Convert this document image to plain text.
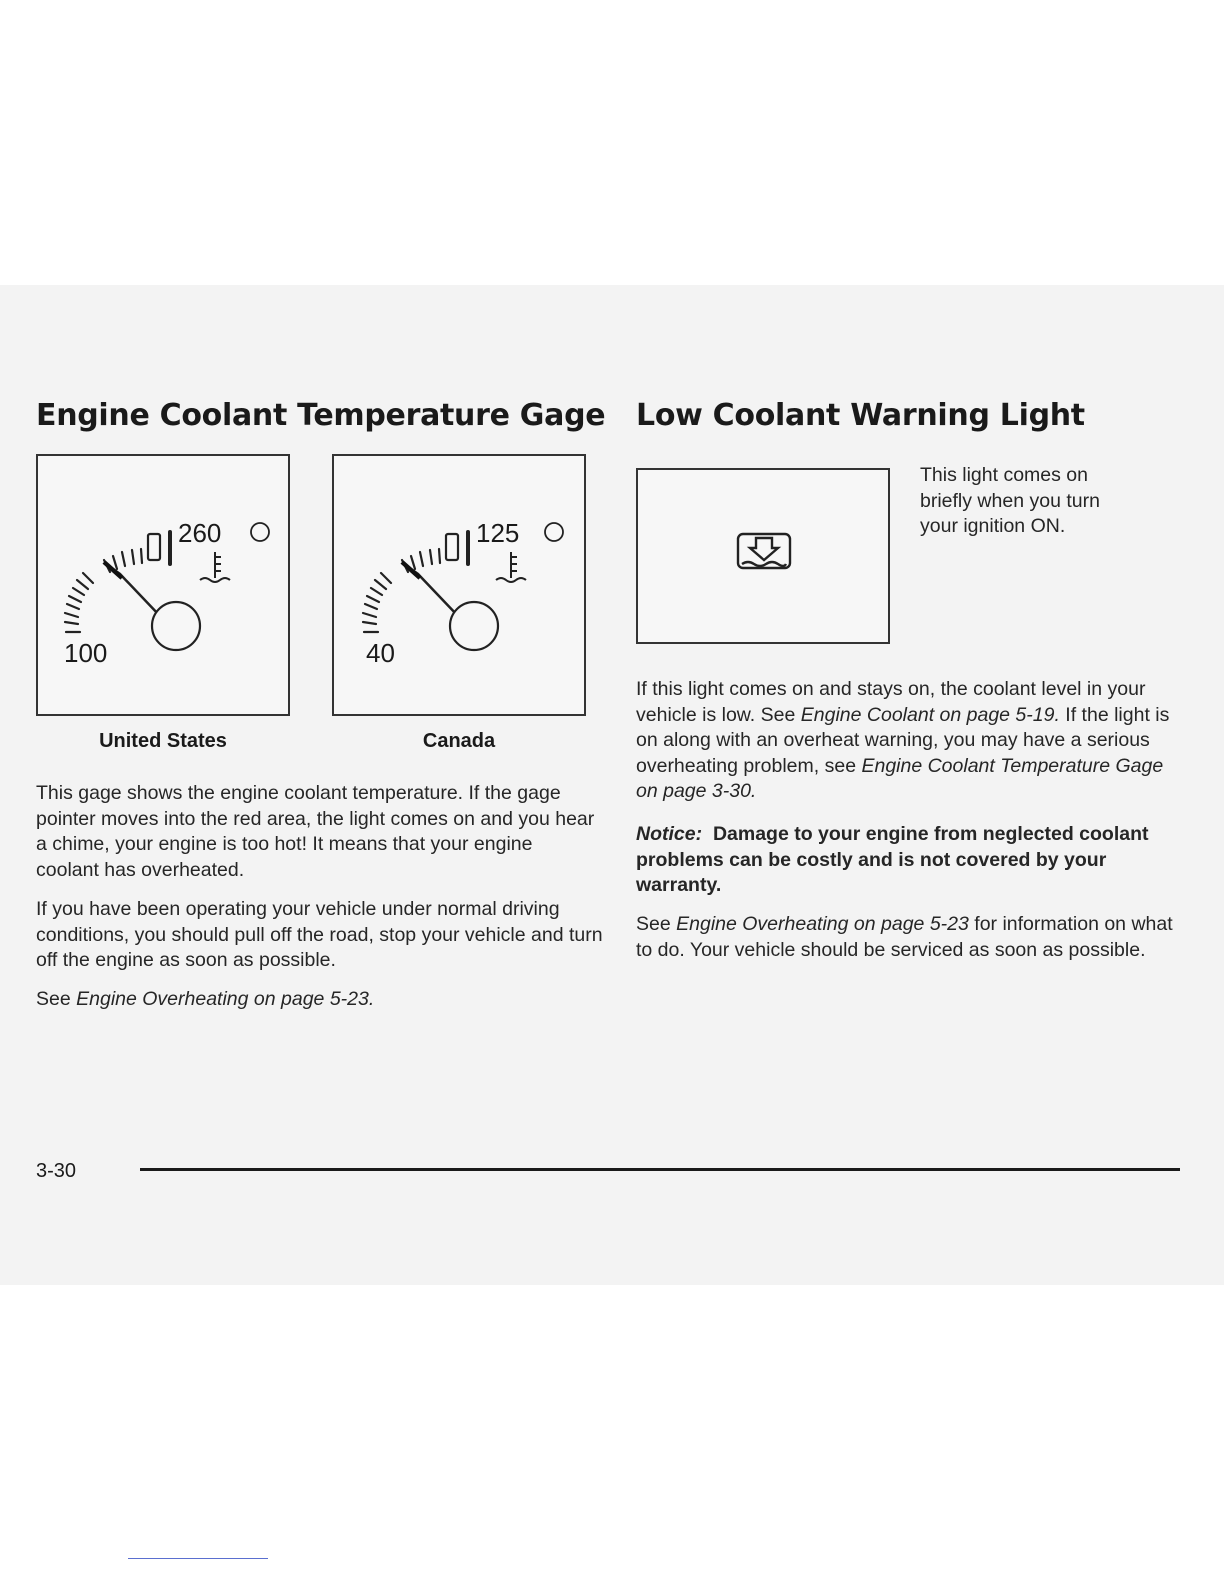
Engine Coolant Temperature Gage
100
260
United States
40
125
Canada

This gage shows the engine coolant temperature. If the gage pointer moves into the red area, the light comes on and you hear a chime, your engine is too hot! It means that your engine coolant has overheated.

If you have been operating your vehicle under normal driving conditions, you should pull off the road, stop your vehicle and turn off the engine as soon as possible.

See Engine Overheating on page 5-23.

Low Coolant Warning Light

This light comes on briefly when you turn your ignition ON.

If this light comes on and stays on, the coolant level in your vehicle is low. See Engine Coolant on page 5-19. If the light is on along with an overheat warning, you may have a serious overheating problem, see Engine Coolant Temperature Gage on page 3-30.

Notice: Damage to your engine from neglected coolant problems can be costly and is not covered by your warranty.

See Engine Overheating on page 5-23 for information on what to do. Your vehicle should be serviced as soon as possible.

3-30
